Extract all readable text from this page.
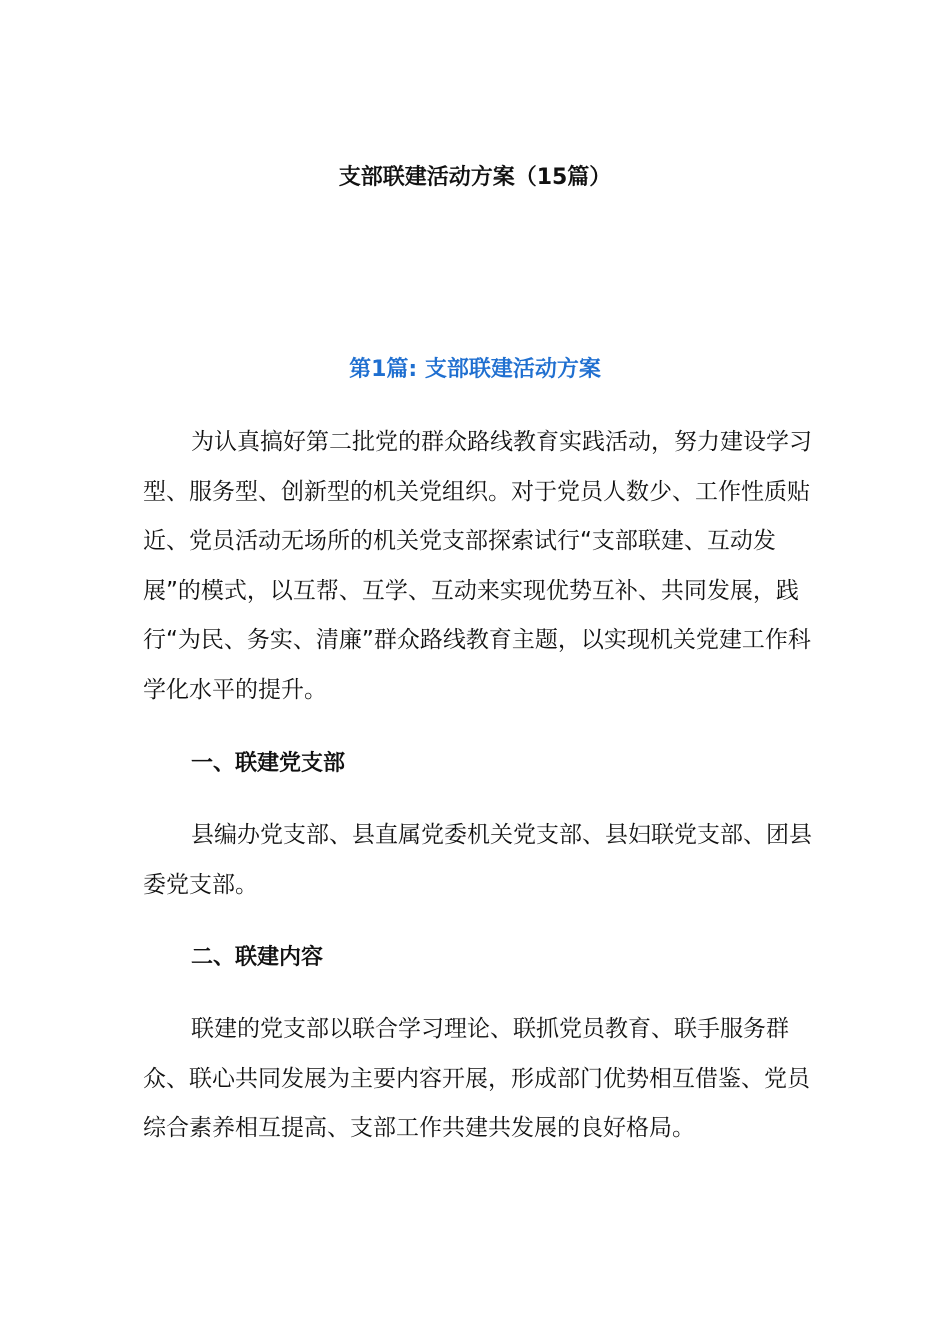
支部联建活动方案（15篇）
第1篇: 支部联建活动方案

为认真搞好第二批党的群众路线教育实践活动，努力建设学习型、服务型、创新型的机关党组织。对于党员人数少、工作性质贴近、党员活动无场所的机关党支部探索试行“支部联建、互动发展”的模式，以互帮、互学、互动来实现优势互补、共同发展，践行“为民、务实、清廉”群众路线教育主题，以实现机关党建工作科学化水平的提升。

一、联建党支部

县编办党支部、县直属党委机关党支部、县妇联党支部、团县委党支部。

二、联建内容

联建的党支部以联合学习理论、联抓党员教育、联手服务群众、联心共同发展为主要内容开展，形成部门优势相互借鉴、党员综合素养相互提高、支部工作共建共发展的良好格局。
